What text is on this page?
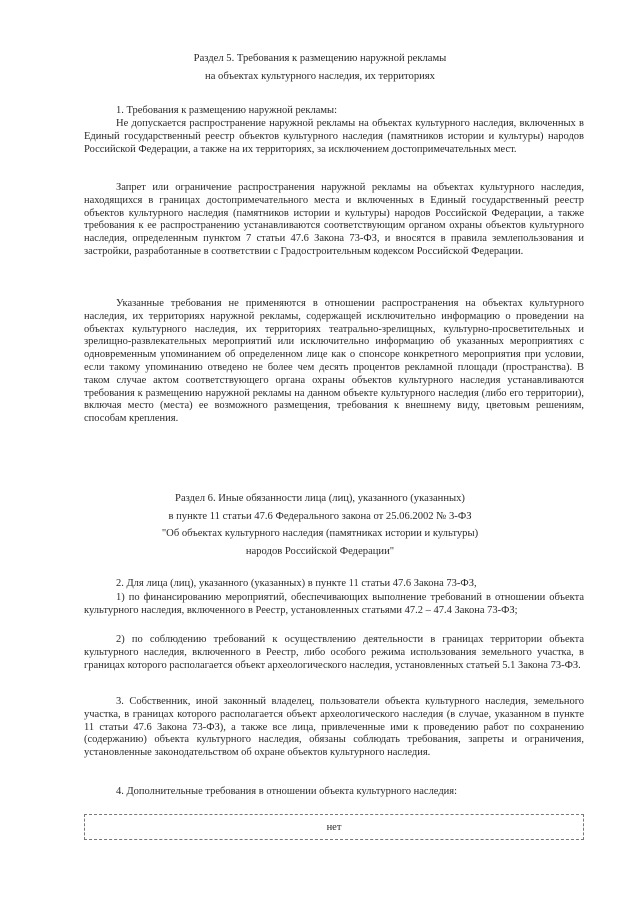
Раздел 5. Требования к размещению наружной рекламы
на объектах культурного наследия, их территориях

1. Требования к размещению наружной рекламы:

Не допускается распространение наружной рекламы на объектах культурного наследия, включенных в Единый государственный реестр объектов культурного наследия (памятников истории и культуры) народов Российской Федерации, а также на их территориях, за исключением достопримечательных мест.

Запрет или ограничение распространения наружной рекламы на объектах культурного наследия, находящихся в границах достопримечательного места и включенных в Единый государственный реестр объектов культурного наследия (памятников истории и культуры) народов Российской Федерации, а также требования к ее распространению устанавливаются соответствующим органом охраны объектов культурного наследия, определенным пунктом 7 статьи 47.6 Закона 73-ФЗ, и вносятся в правила землепользования и застройки, разработанные в соответствии с Градостроительным кодексом Российской Федерации.

Указанные требования не применяются в отношении распространения на объектах культурного наследия, их территориях наружной рекламы, содержащей исключительно информацию о проведении на объектах культурного наследия, их территориях театрально-зрелищных, культурно-просветительных и зрелищно-развлекательных мероприятий или исключительно информацию об указанных мероприятиях с одновременным упоминанием об определенном лице как о спонсоре конкретного мероприятия при условии, если такому упоминанию отведено не более чем десять процентов рекламной площади (пространства). В таком случае актом соответствующего органа охраны объектов культурного наследия устанавливаются требования к размещению наружной рекламы на данном объекте культурного наследия (либо его территории), включая место (места) ее возможного размещения, требования к внешнему виду, цветовым решениям, способам крепления.

Раздел 6. Иные обязанности лица (лиц), указанного (указанных)
в пункте 11 статьи 47.6 Федерального закона от 25.06.2002 № 3-ФЗ
"Об объектах культурного наследия (памятниках истории и культуры)
народов Российской Федерации"

2. Для лица (лиц), указанного (указанных) в пункте 11 статьи 47.6 Закона 73-ФЗ,

1) по финансированию мероприятий, обеспечивающих выполнение требований в отношении объекта культурного наследия, включенного в Реестр, установленных статьями 47.2 – 47.4 Закона 73-ФЗ;

2) по соблюдению требований к осуществлению деятельности в границах территории объекта культурного наследия, включенного в Реестр, либо особого режима использования земельного участка, в границах которого располагается объект археологического наследия, установленных статьей 5.1 Закона 73-ФЗ.

3. Собственник, иной законный владелец, пользователи объекта культурного наследия, земельного участка, в границах которого располагается объект археологического наследия (в случае, указанном в пункте 11 статьи 47.6 Закона 73-ФЗ), а также все лица, привлеченные ими к проведению работ по сохранению (содержанию) объекта культурного наследия, обязаны соблюдать требования, запреты и ограничения, установленные законодательством об охране объектов культурного наследия.

4. Дополнительные требования в отношении объекта культурного наследия:

нет
